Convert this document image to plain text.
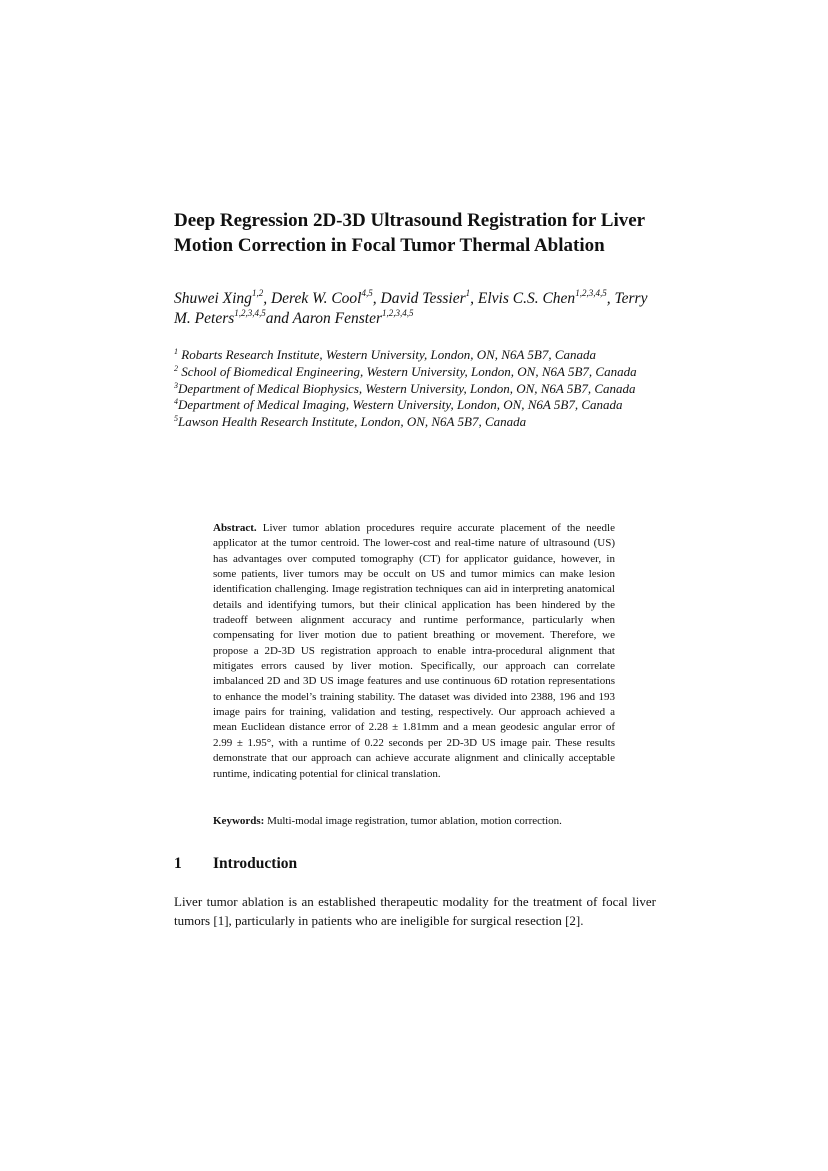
Deep Regression 2D-3D Ultrasound Registration for Liver
Motion Correction in Focal Tumor Thermal Ablation
Shuwei Xing$^{1,2}$, Derek W. Cool$^{4,5}$, David Tessier$^1$, Elvis C.S. Chen$^{1,2,3,4,5}$, Terry M. Peters$^{1,2,3,4,5}$and Aaron Fenster$^{1,2,3,4,5}$
$^1$ Robarts Research Institute, Western University, London, ON, N6A 5B7, Canada
$^2$ School of Biomedical Engineering, Western University, London, ON, N6A 5B7, Canada
$^3$Department of Medical Biophysics, Western University, London, ON, N6A 5B7, Canada
$^4$Department of Medical Imaging, Western University, London, ON, N6A 5B7, Canada
$^5$Lawson Health Research Institute, London, ON, N6A 5B7, Canada

Abstract. Liver tumor ablation procedures require accurate placement of the needle applicator at the tumor centroid. The lower-cost and real-time nature of ultrasound (US) has advantages over computed tomography (CT) for applicator guidance, however, in some patients, liver tumors may be occult on US and tumor mimics can make lesion identification challenging. Image registration techniques can aid in interpreting anatomical details and identifying tumors, but their clinical application has been hindered by the tradeoff between alignment accuracy and runtime performance, particularly when compensating for liver motion due to patient breathing or movement. Therefore, we propose a 2D-3D US registration approach to enable intra-procedural alignment that mitigates errors caused by liver motion. Specifically, our approach can correlate imbalanced 2D and 3D US image features and use continuous 6D rotation representations to enhance the model’s training stability. The dataset was divided into 2388, 196 and 193 image pairs for training, validation and testing, respectively. Our approach achieved a mean Euclidean distance error of 2.28 ± 1.81mm and a mean geodesic angular error of 2.99 ± 1.95°, with a runtime of 0.22 seconds per 2D-3D US image pair. These results demonstrate that our approach can achieve accurate alignment and clinically acceptable runtime, indicating potential for clinical translation.

Keywords: Multi-modal image registration, tumor ablation, motion correction.

1 Introduction

Liver tumor ablation is an established therapeutic modality for the treatment of focal liver tumors [1], particularly in patients who are ineligible for surgical resection [2].
